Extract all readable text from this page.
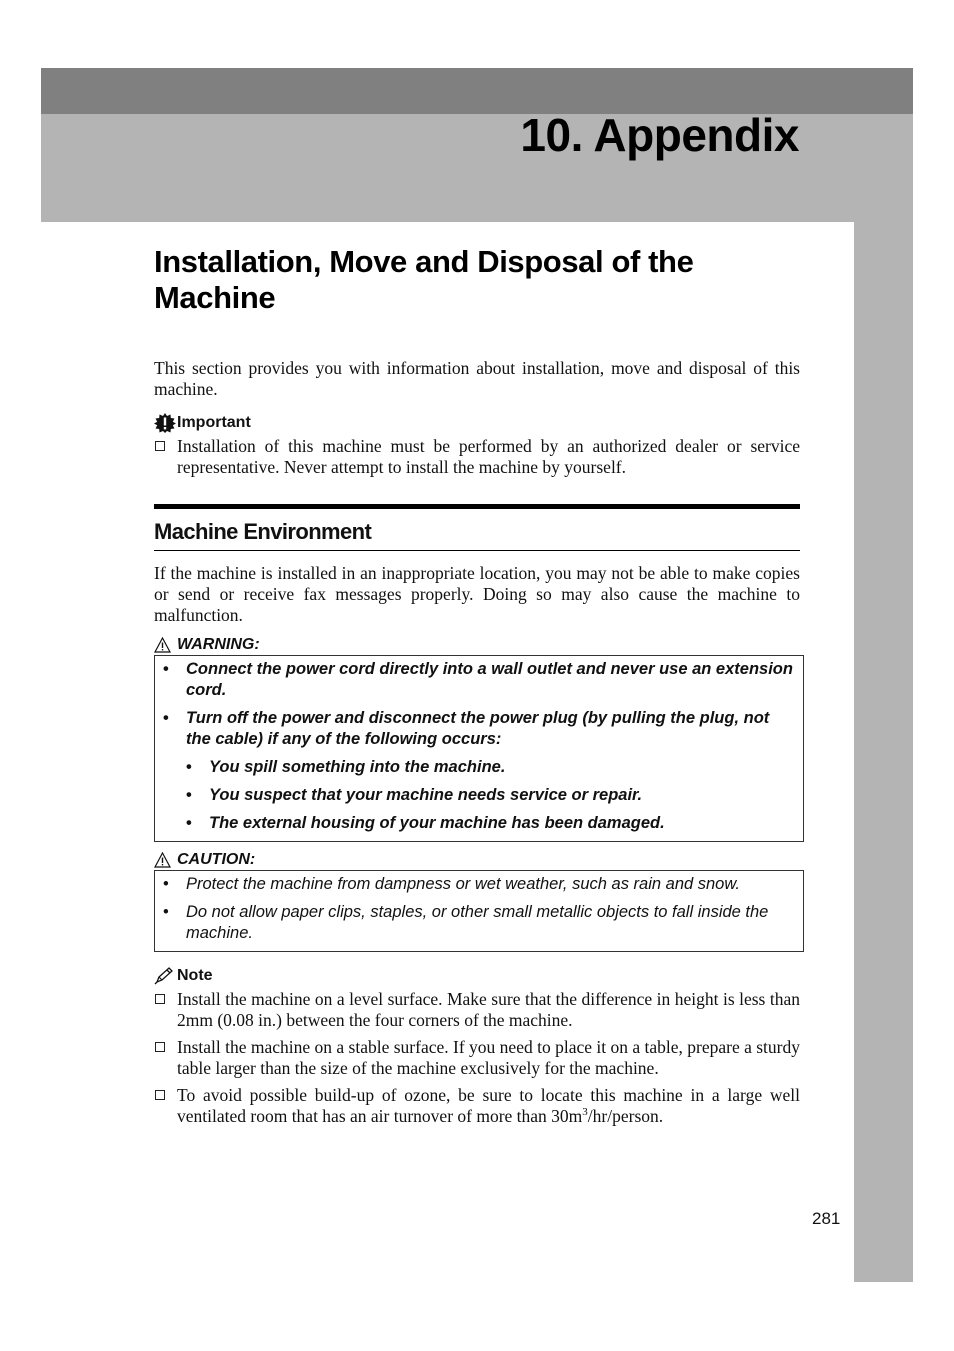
10. Appendix
Installation, Move and Disposal of the
Machine

This section provides you with information about installation, move and disposal of this machine.

Important
Installation of this machine must be performed by an authorized dealer or service representative. Never attempt to install the machine by yourself.
Machine Environment

If the machine is installed in an inappropriate location, you may not be able to make copies or send or receive fax messages properly. Doing so may also cause the machine to malfunction.

WARNING:
• Connect the power cord directly into a wall outlet and never use an extension cord.
• Turn off the power and disconnect the power plug (by pulling the plug, not the cable) if any of the following occurs:
• You spill something into the machine.
• You suspect that your machine needs service or repair.
• The external housing of your machine has been damaged.
CAUTION:
• Protect the machine from dampness or wet weather, such as rain and snow.
• Do not allow paper clips, staples, or other small metallic objects to fall inside the machine.
Note
Install the machine on a level surface. Make sure that the difference in height is less than 2mm (0.08 in.) between the four corners of the machine.
Install the machine on a stable surface. If you need to place it on a table, prepare a sturdy table larger than the size of the machine exclusively for the machine.
To avoid possible build-up of ozone, be sure to locate this machine in a large well ventilated room that has an air turnover of more than $30m^3/hr$/person.
281
